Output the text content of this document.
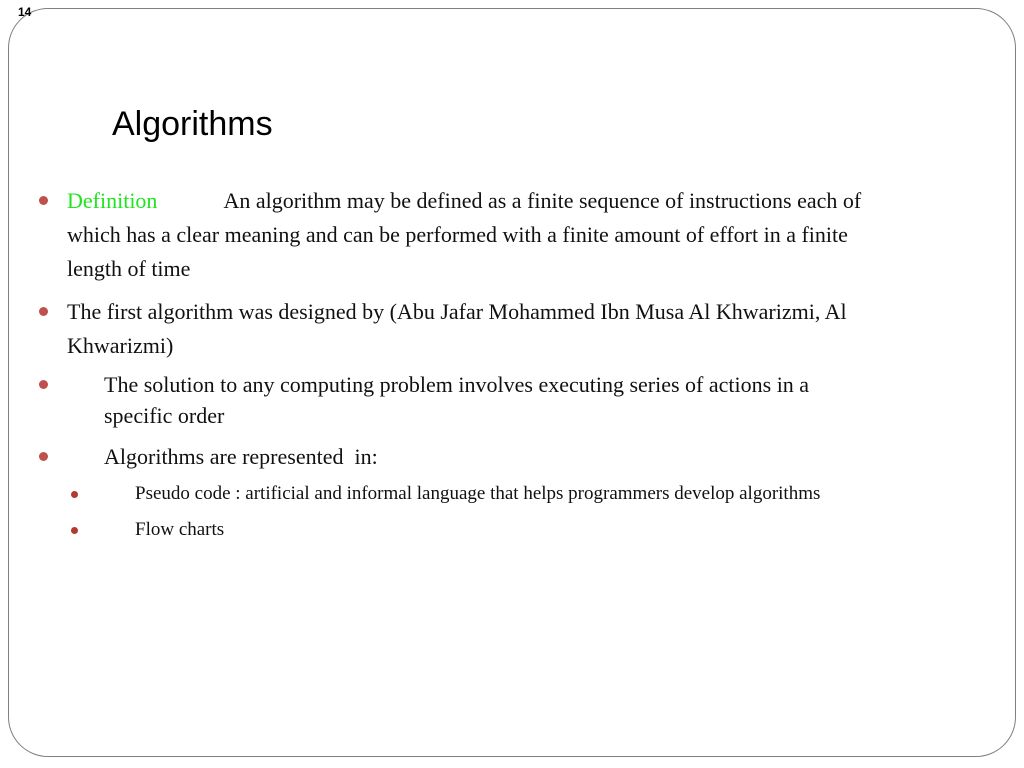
14
Algorithms
Definition	An algorithm may be defined as a finite sequence of instructions each of
which has a clear meaning and can be performed with a finite amount of effort in a finite
length of time
The first algorithm was designed by (Abu Jafar Mohammed Ibn Musa Al Khwarizmi, Al
Khwarizmi)
The solution to any computing problem involves executing series of actions in a
specific order
Algorithms are represented  in:
Pseudo code : artificial and informal language that helps programmers develop algorithms
Flow charts
